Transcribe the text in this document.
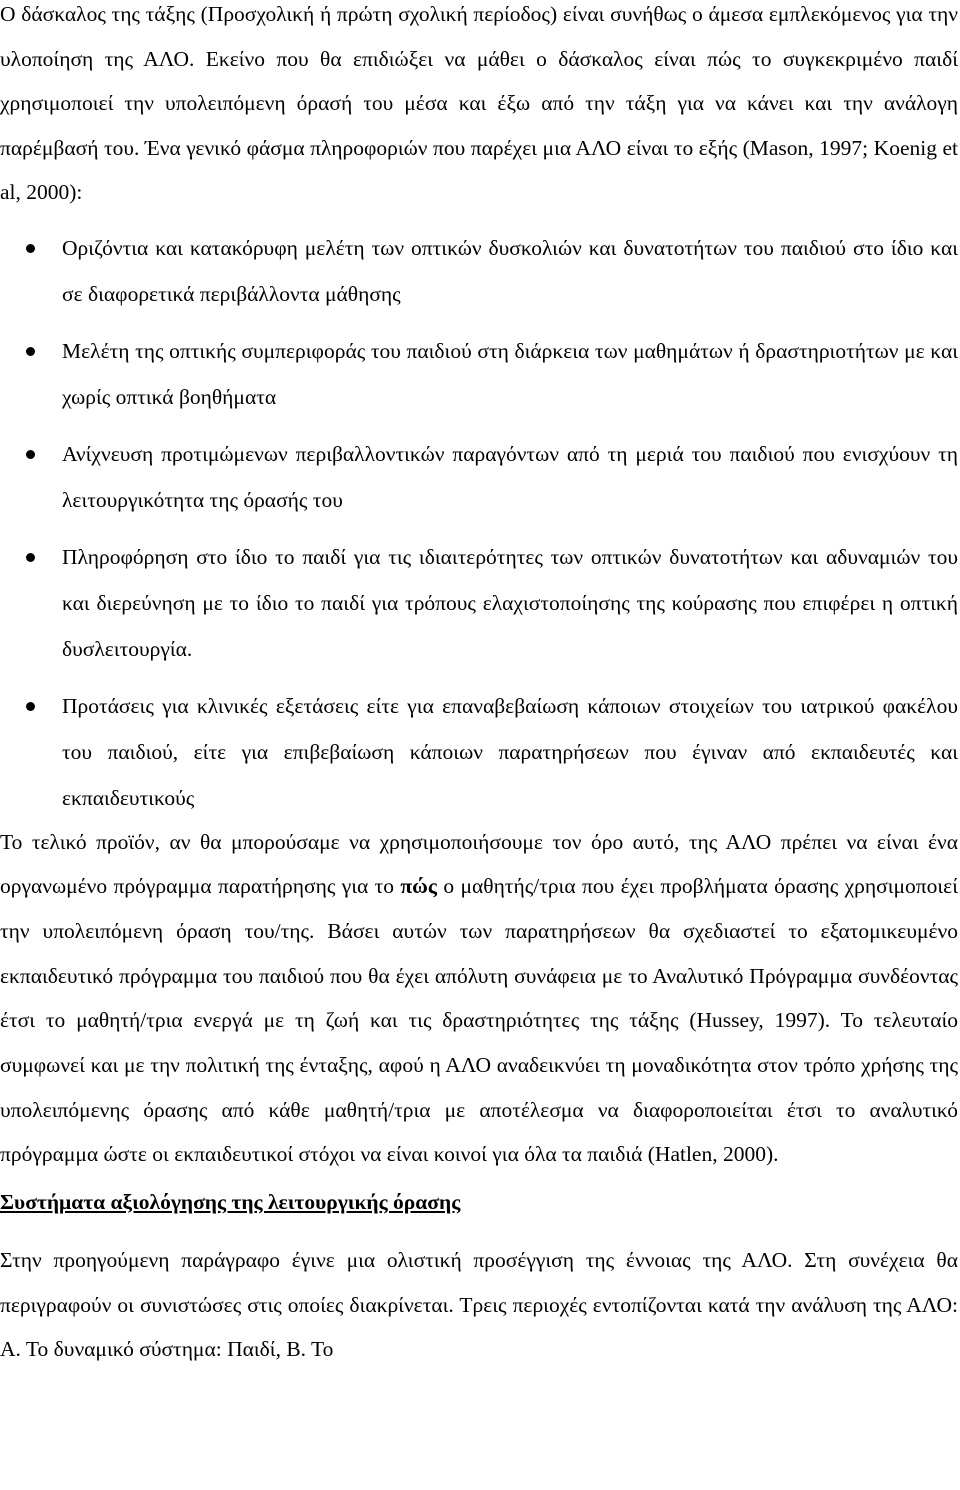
Ο δάσκαλος της τάξης (Προσχολική ή πρώτη σχολική περίοδος) είναι συνήθως ο άμεσα εμπλεκόμενος για την υλοποίηση της ΑΛΟ. Εκείνο που θα επιδιώξει να μάθει ο δάσκαλος είναι πώς το συγκεκριμένο παιδί χρησιμοποιεί την υπολειπόμενη όρασή του μέσα και έξω από την τάξη για να κάνει και την ανάλογη παρέμβασή του. Ένα γενικό φάσμα πληροφοριών που παρέχει μια ΑΛΟ είναι το εξής (Mason, 1997; Koenig et al, 2000):

Οριζόντια και κατακόρυφη μελέτη των οπτικών δυσκολιών και δυνατοτήτων του παιδιού στο ίδιο και σε διαφορετικά περιβάλλοντα μάθησης
Μελέτη της οπτικής συμπεριφοράς του παιδιού στη διάρκεια των μαθημάτων ή δραστηριοτήτων με και χωρίς οπτικά βοηθήματα
Ανίχνευση προτιμώμενων περιβαλλοντικών παραγόντων από τη μεριά του παιδιού που ενισχύουν τη λειτουργικότητα της όρασής του
Πληροφόρηση στο ίδιο το παιδί για τις ιδιαιτερότητες των οπτικών δυνατοτήτων και αδυναμιών του και διερεύνηση με το ίδιο το παιδί για τρόπους ελαχιστοποίησης της κούρασης που επιφέρει η οπτική δυσλειτουργία.
Προτάσεις για κλινικές εξετάσεις είτε για επαναβεβαίωση κάποιων στοιχείων του ιατρικού φακέλου του παιδιού, είτε για επιβεβαίωση κάποιων παρατηρήσεων που έγιναν από εκπαιδευτές και εκπαιδευτικούς

Το τελικό προϊόν, αν θα μπορούσαμε να χρησιμοποιήσουμε τον όρο αυτό, της ΑΛΟ πρέπει να είναι ένα οργανωμένο πρόγραμμα παρατήρησης για το πώς ο μαθητής/τρια που έχει προβλήματα όρασης χρησιμοποιεί την υπολειπόμενη όραση του/της. Βάσει αυτών των παρατηρήσεων θα σχεδιαστεί το εξατομικευμένο εκπαιδευτικό πρόγραμμα του παιδιού που θα έχει απόλυτη συνάφεια με το Αναλυτικό Πρόγραμμα συνδέοντας έτσι το μαθητή/τρια ενεργά με τη ζωή και τις δραστηριότητες της τάξης (Hussey, 1997). Το τελευταίο συμφωνεί και με την πολιτική της ένταξης, αφού η ΑΛΟ αναδεικνύει τη μοναδικότητα στον τρόπο χρήσης της υπολειπόμενης όρασης από κάθε μαθητή/τρια με αποτέλεσμα να διαφοροποιείται έτσι το αναλυτικό πρόγραμμα ώστε οι εκπαιδευτικοί στόχοι να είναι κοινοί για όλα τα παιδιά (Hatlen, 2000).

Συστήματα αξιολόγησης της λειτουργικής όρασης

Στην προηγούμενη παράγραφο έγινε μια ολιστική προσέγγιση της έννοιας της ΑΛΟ. Στη συνέχεια θα περιγραφούν οι συνιστώσες στις οποίες διακρίνεται. Τρεις περιοχές εντοπίζονται κατά την ανάλυση της ΑΛΟ: Α. Το δυναμικό σύστημα: Παιδί, Β. Το
